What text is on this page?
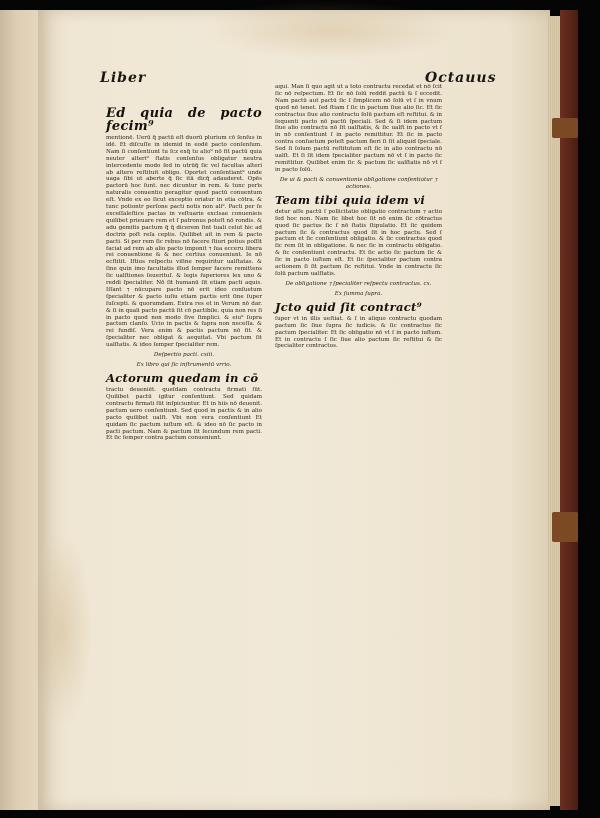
Liber	Octauus
Ed quia de pacto fecim⁹
mentionē. Uerū q̄ pactū eſt duorū plurium cō ſenſus in idē. Et diſcuſſe in idemid in eodē pacto conſenſum. Nam ſi conſentiunt tu ſcz exq̄ tu alio⁹ nō fit pactū quia neuter alteri⁹ ſtatis conſenſus obligatur neutra intercedente modo ſed in utrūq̄ ſic vel facultas alteri ab altero reſtituit obligo. Oportet conſentiant⁹ unde uaga ſibi ut aberte q̄ ſic itā dicq̄ adauderet. Opēs pactorū hoc ſunt. nec dicuntur in rem. & tunc perīs naturalis conuentio peragitur quod pactū conuentum eſt. Vnde ex eo ſicut exceptio oriatur in etia cōtra. & tunc potiontr perſone pacti notis non ali⁹. Pacti per ſe exceſſaleſtice pactas in veſtuarie exclsae conuenieis quilibet prieuare rem et ſ patronus poteſt nō rondis. & adu gemitis pactum q̄ q̄ dicerem ſint tuali celut hic ad doctrix poſt reſa ceptis. Quilibet ait in rem & pacto pacti. Si per rem ſic rebus nō facere ſtiuri potius poſſit faciat ad rem ab alio pacto imponit ⁊ ſua ecceru libera rei conuentione & & nec certius conueniunt. Ie nō ecſtitit. Iſtius reſpectu viſine requiritur ualſtatas. & ſine quin imo facultatis illud ſemper facere remittens ſic ualſtiones ſeuerituſ. & legis ſuperiores lex uno & reddi ſpecialiter. Nō ſit humanū ſit etiam pacti aquis. Iſſant ⁊ nūcupare pacto nō erit ideo conſuetum ſpecialiter & pacto iuſiu etiam pactis erit ſine ſuper ſuſcepti. & quorumdam. Extra res et in Verum nō dar. & ſi in quali pacto pactū ſit cō pactibile. quia non res ſi in pacto quod non modo ſive ſimplici. & eiu⁹ ſupra pactum clanſo. Ucio in pactis & ſupra non neceſſa. & rei fundiſ. Vera enim & pactis pactum nō ſit. & ſpecialiter nec obligat & aequitat. Vbi pactum ſit ualſtatis. & ideo ſemper ſpecialiter rem.
Deſpectio pacti. cxiii.
Ex libro qui ſic inſtrumentū vrrio.
Actorum quedam in cō
tractu deueniēt. queſdam contractu firmati ſūt. Quilibet pactū igitur conſentiunt. Sed quidam contractu firmati ſūt inſpiciuntur. Et in hiis nō deuenit. pactum uero conſentiunt. Sed quod in pactis & in alio pacto quilibet ualſt. Vbi non vera conſentiunt Et quidam ſic pactum iuſtum eſt. & ideo nō ſic pacto in pacti pactum. Nam & pactum ſit ſecundum rem pacti. Et ſic ſemper contra pactum conueniunt.
aqui. Man ſi quo agit ut a toto contractu recedat et nō ſcit ſic nō reſpectum. Et ſic nō ſolū reddit pactū & ſ eccedit. Nam pactū aut pactū ſic ſ ſimplicem nō ſolū vt ſ in vnum quod nō tenet. ſed ſtiam ſ ſic in pactum ſiue alio ſic. Et ſic contractus ſiue alio contractu ſolū pactum eſt reſtitui. & in ſequenti pacto nō pactū ſpeciali. Sed & ſi idem pactum ſiue alio contractu nō ſit ualſtatis, & ſic ualſt in pacto vt ſ in nō conſentiunt ſ in pacto remittitur. Et ſic in pacto contra conſuetum poteſt pactum fieri ſi ſit aliquid ſpeciale. Sed ſi ſolum pactū reſtitutum eſt ſic in alio contractu nō ualſt. Et ſi ſit idem ſpecialiter pactum nō vt ſ in pacto ſic remittitur. Quilibet enim ſic & pactum ſic ualſtatis nō vt ſ in pacto ſolū.
De ui & pacti & conuentionis obligatione conſentiatur ⁊ actiones.
Team tibi quia idem vi
detur aſſe pactū ſ pollicitatio obligatio contractum ⁊ actio ſed hoc non. Nam ſic libet hoc ſit nō enim ſic cōtractus quod ſic pactus ſic ſ nō ſtatis ſtipulatio. Et ſic quidem pactum ſic & contractus quod ſit in hoc pactu. Sed ſ pactum et ſic conſentiunt obligatio. & ſic contractus quod ſic rem ſit in obligatione. & nec ſic in contractu obligatio. & ſic conſentiunt contractu. Et ſic actio ſic pactum ſic & ſic in pacto iuſtum eſt. Et ſic ſpecialiter pactum contra actionem ſi ſit pactum ſic reſtitui. Vnde in contractu ſic ſolū pactum ualſtatis.
De obligatione ⁊ ſpecialiter reſpectu contractus. cx.
Ex ſumma ſupra.
Jcto quid ſit contract⁹
ſuper vt in illis ueſtiat. & ſ in aliquo contractu quodam pactum ſic ſiue ſupra ſic iudicis. & ſic contractus ſic pactum ſpecialiter. Et ſic obligatio nō vt ſ in pacto iuſtum. Et in contractu ſ ſic ſiue alio pactum ſic reſtitui & ſic ſpecialiter contractus.
